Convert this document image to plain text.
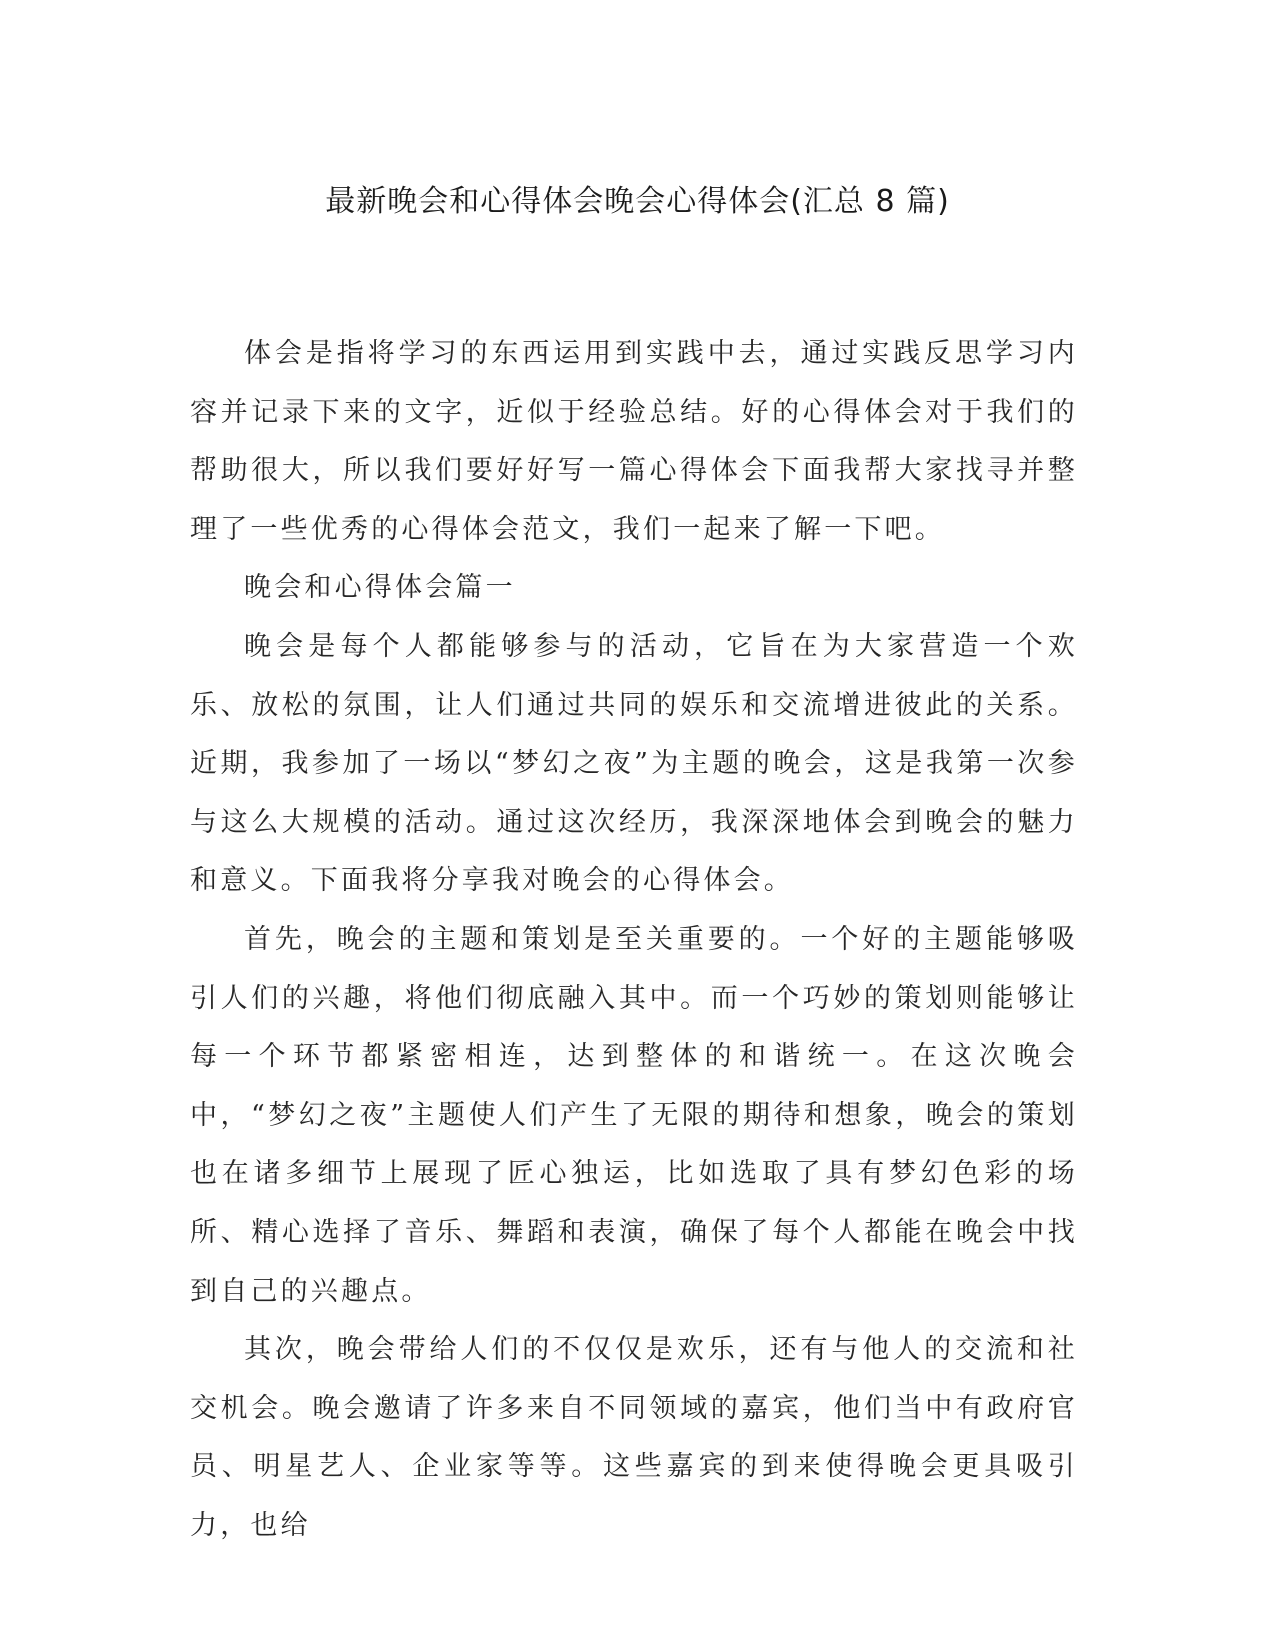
最新晚会和心得体会晚会心得体会(汇总 8 篇)

体会是指将学习的东西运用到实践中去，通过实践反思学习内容并记录下来的文字，近似于经验总结。好的心得体会对于我们的帮助很大，所以我们要好好写一篇心得体会下面我帮大家找寻并整理了一些优秀的心得体会范文，我们一起来了解一下吧。

晚会和心得体会篇一

晚会是每个人都能够参与的活动，它旨在为大家营造一个欢乐、放松的氛围，让人们通过共同的娱乐和交流增进彼此的关系。近期，我参加了一场以“梦幻之夜”为主题的晚会，这是我第一次参与这么大规模的活动。通过这次经历，我深深地体会到晚会的魅力和意义。下面我将分享我对晚会的心得体会。

首先，晚会的主题和策划是至关重要的。一个好的主题能够吸引人们的兴趣，将他们彻底融入其中。而一个巧妙的策划则能够让每一个环节都紧密相连，达到整体的和谐统一。在这次晚会中，“梦幻之夜”主题使人们产生了无限的期待和想象，晚会的策划也在诸多细节上展现了匠心独运，比如选取了具有梦幻色彩的场所、精心选择了音乐、舞蹈和表演，确保了每个人都能在晚会中找到自己的兴趣点。

其次，晚会带给人们的不仅仅是欢乐，还有与他人的交流和社交机会。晚会邀请了许多来自不同领域的嘉宾，他们当中有政府官员、明星艺人、企业家等等。这些嘉宾的到来使得晚会更具吸引力，也给
